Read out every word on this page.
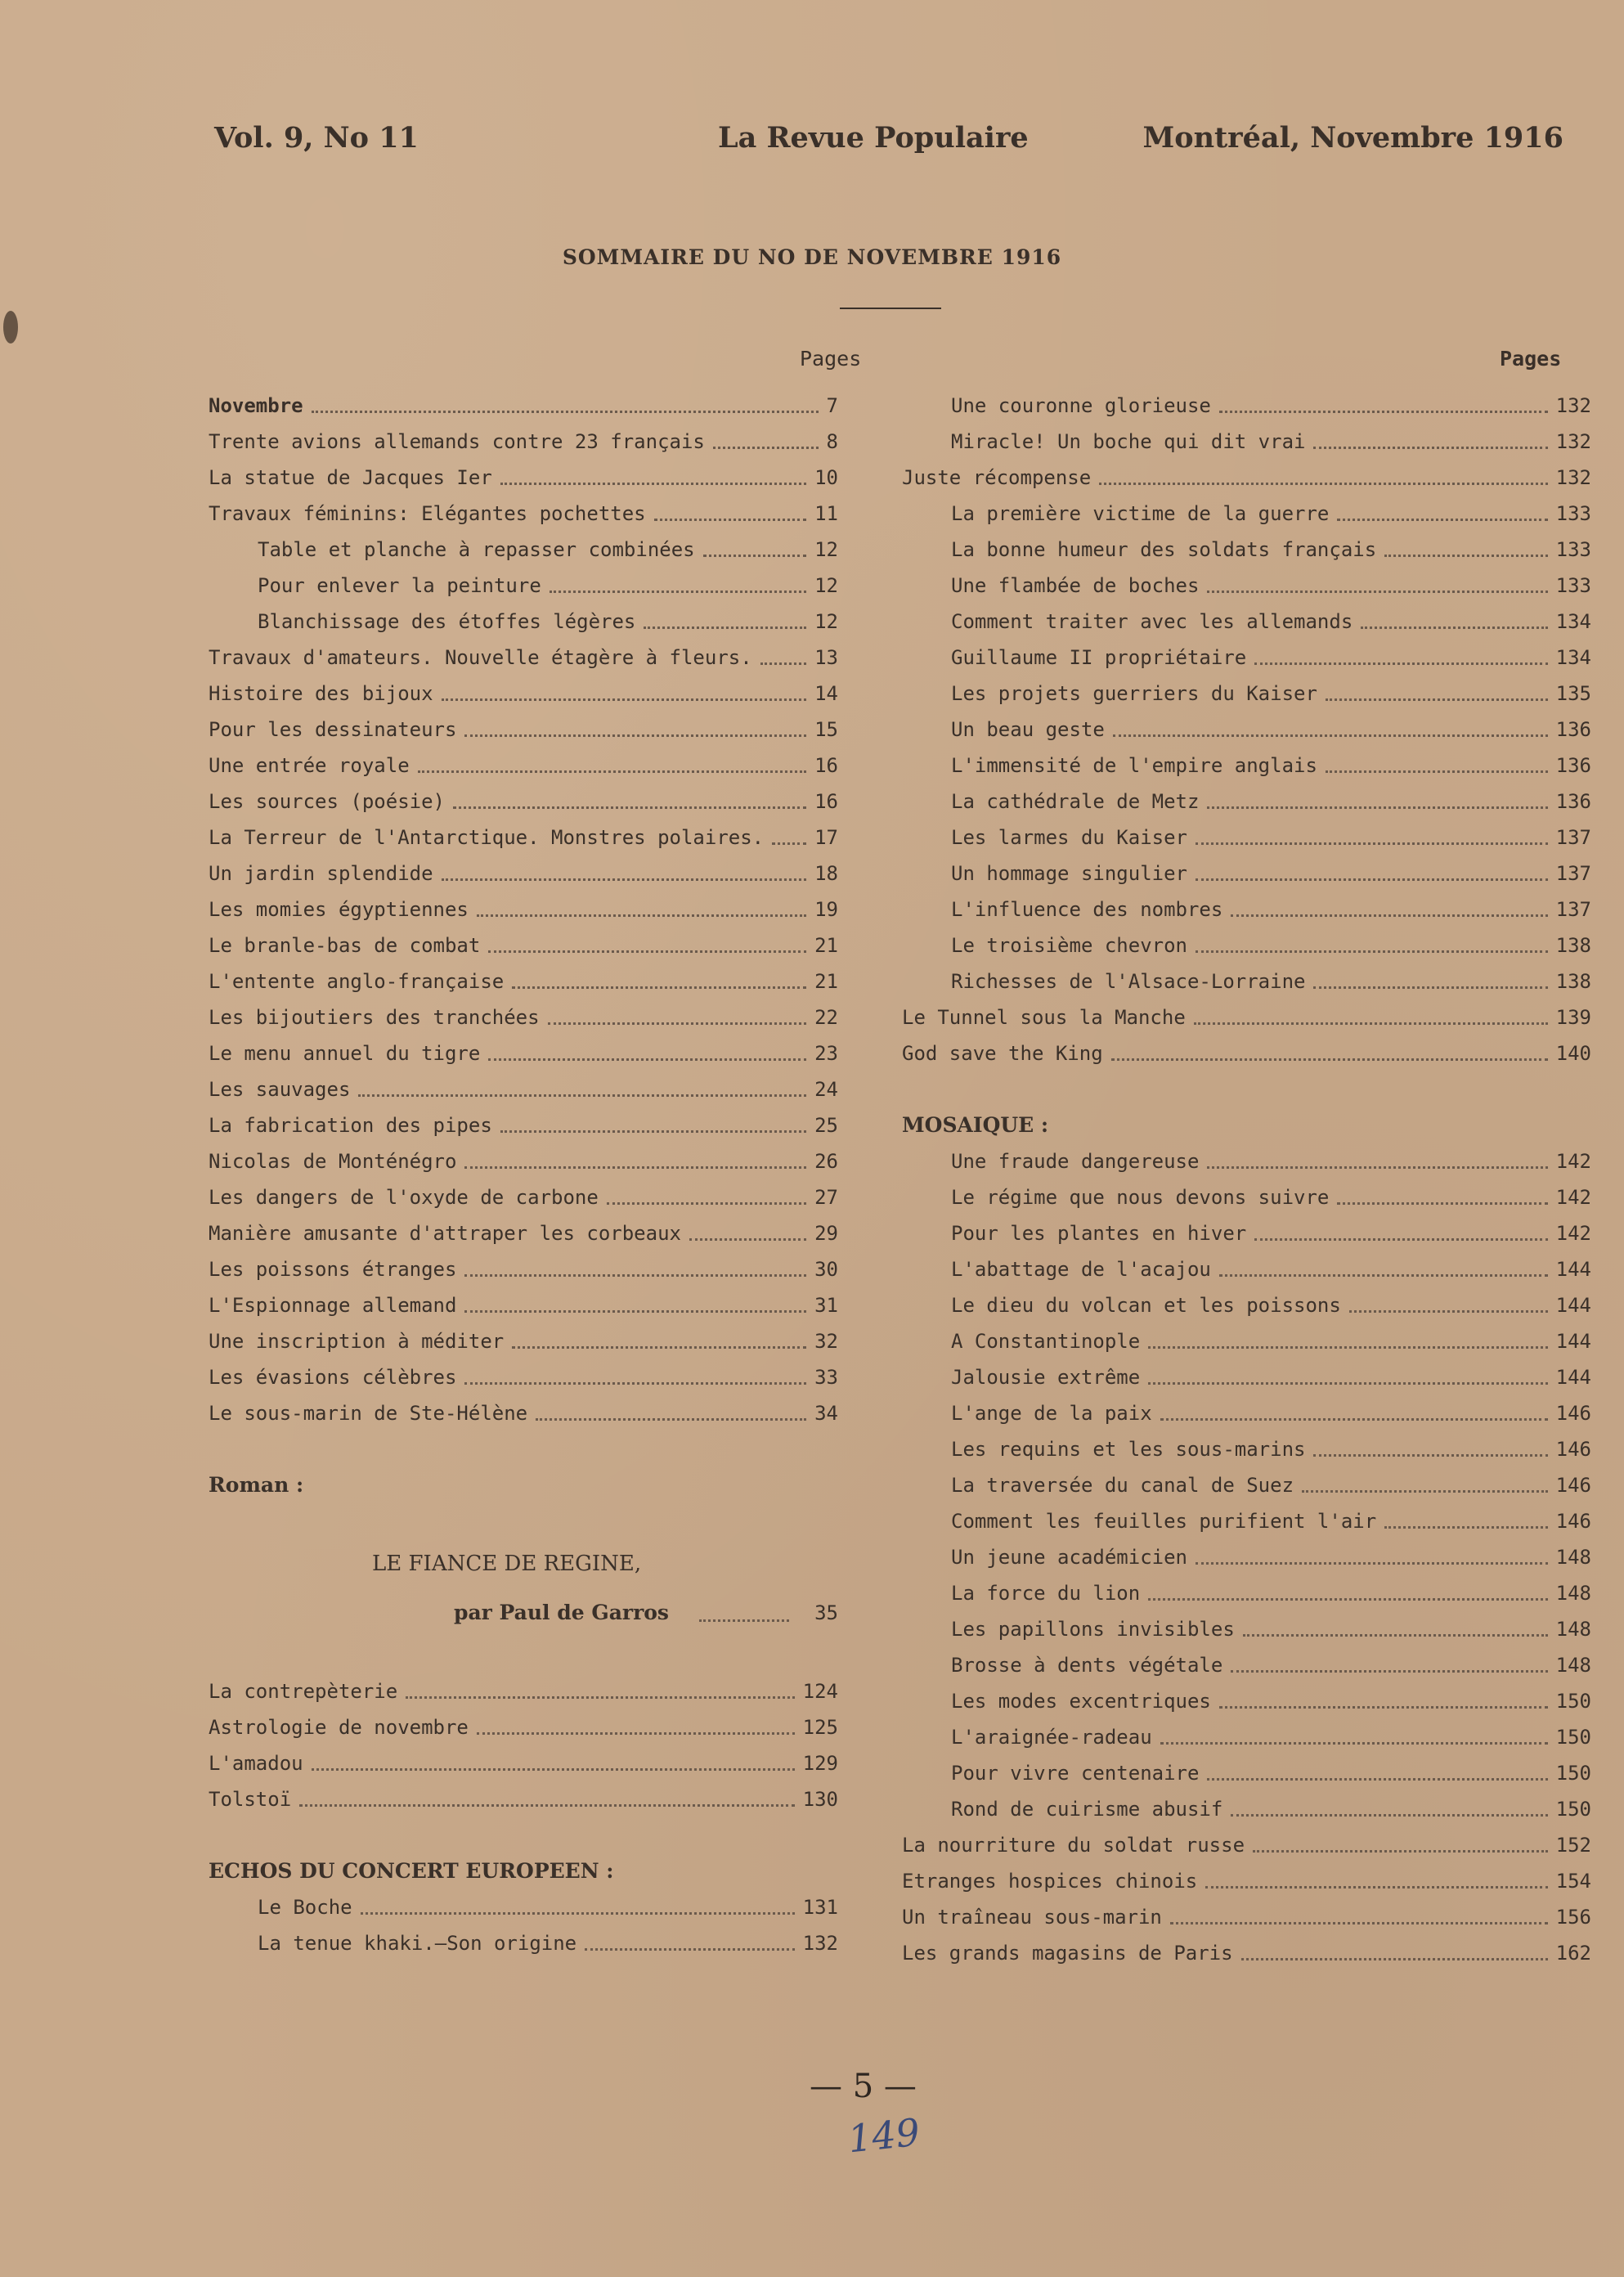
Vol. 9, No 11	La Revue Populaire	Montréal, Novembre 1916
SOMMAIRE DU NO DE NOVEMBRE 1916
Pages	Pages
Novembre	7
Trente avions allemands contre 23 français	8
La statue de Jacques Ier	10
Travaux féminins: Elégantes pochettes	11
Table et planche à repasser combinées	12
Pour enlever la peinture	12
Blanchissage des étoffes légères	12
Travaux d'amateurs. Nouvelle étagère à fleurs.	13
Histoire des bijoux	14
Pour les dessinateurs	15
Une entrée royale	16
Les sources (poésie)	16
La Terreur de l'Antarctique. Monstres polaires.	17
Un jardin splendide	18
Les momies égyptiennes	19
Le branle-bas de combat	21
L'entente anglo-française	21
Les bijoutiers des tranchées	22
Le menu annuel du tigre	23
Les sauvages	24
La fabrication des pipes	25
Nicolas de Monténégro	26
Les dangers de l'oxyde de carbone	27
Manière amusante d'attraper les corbeaux	29
Les poissons étranges	30
L'Espionnage allemand	31
Une inscription à méditer	32
Les évasions célèbres	33
Le sous-marin de Ste-Hélène	34
Roman :
LE FIANCE DE REGINE,
par Paul de Garros	35
La contrepèterie	124
Astrologie de novembre	125
L'amadou	129
Tolstoï	130
ECHOS DU CONCERT EUROPEEN :
Le Boche	131
La tenue khaki.—Son origine	132
Une couronne glorieuse	132
Miracle! Un boche qui dit vrai	132
Juste récompense	132
La première victime de la guerre	133
La bonne humeur des soldats français	133
Une flambée de boches	133
Comment traiter avec les allemands	134
Guillaume II propriétaire	134
Les projets guerriers du Kaiser	135
Un beau geste	136
L'immensité de l'empire anglais	136
La cathédrale de Metz	136
Les larmes du Kaiser	137
Un hommage singulier	137
L'influence des nombres	137
Le troisième chevron	138
Richesses de l'Alsace-Lorraine	138
Le Tunnel sous la Manche	139
God save the King	140
MOSAIQUE :
Une fraude dangereuse	142
Le régime que nous devons suivre	142
Pour les plantes en hiver	142
L'abattage de l'acajou	144
Le dieu du volcan et les poissons	144
A Constantinople	144
Jalousie extrême	144
L'ange de la paix	146
Les requins et les sous-marins	146
La traversée du canal de Suez	146
Comment les feuilles purifient l'air	146
Un jeune académicien	148
La force du lion	148
Les papillons invisibles	148
Brosse à dents végétale	148
Les modes excentriques	150
L'araignée-radeau	150
Pour vivre centenaire	150
Rond de cuirisme abusif	150
La nourriture du soldat russe	152
Etranges hospices chinois	154
Un traîneau sous-marin	156
Les grands magasins de Paris	162
— 5 —
149
